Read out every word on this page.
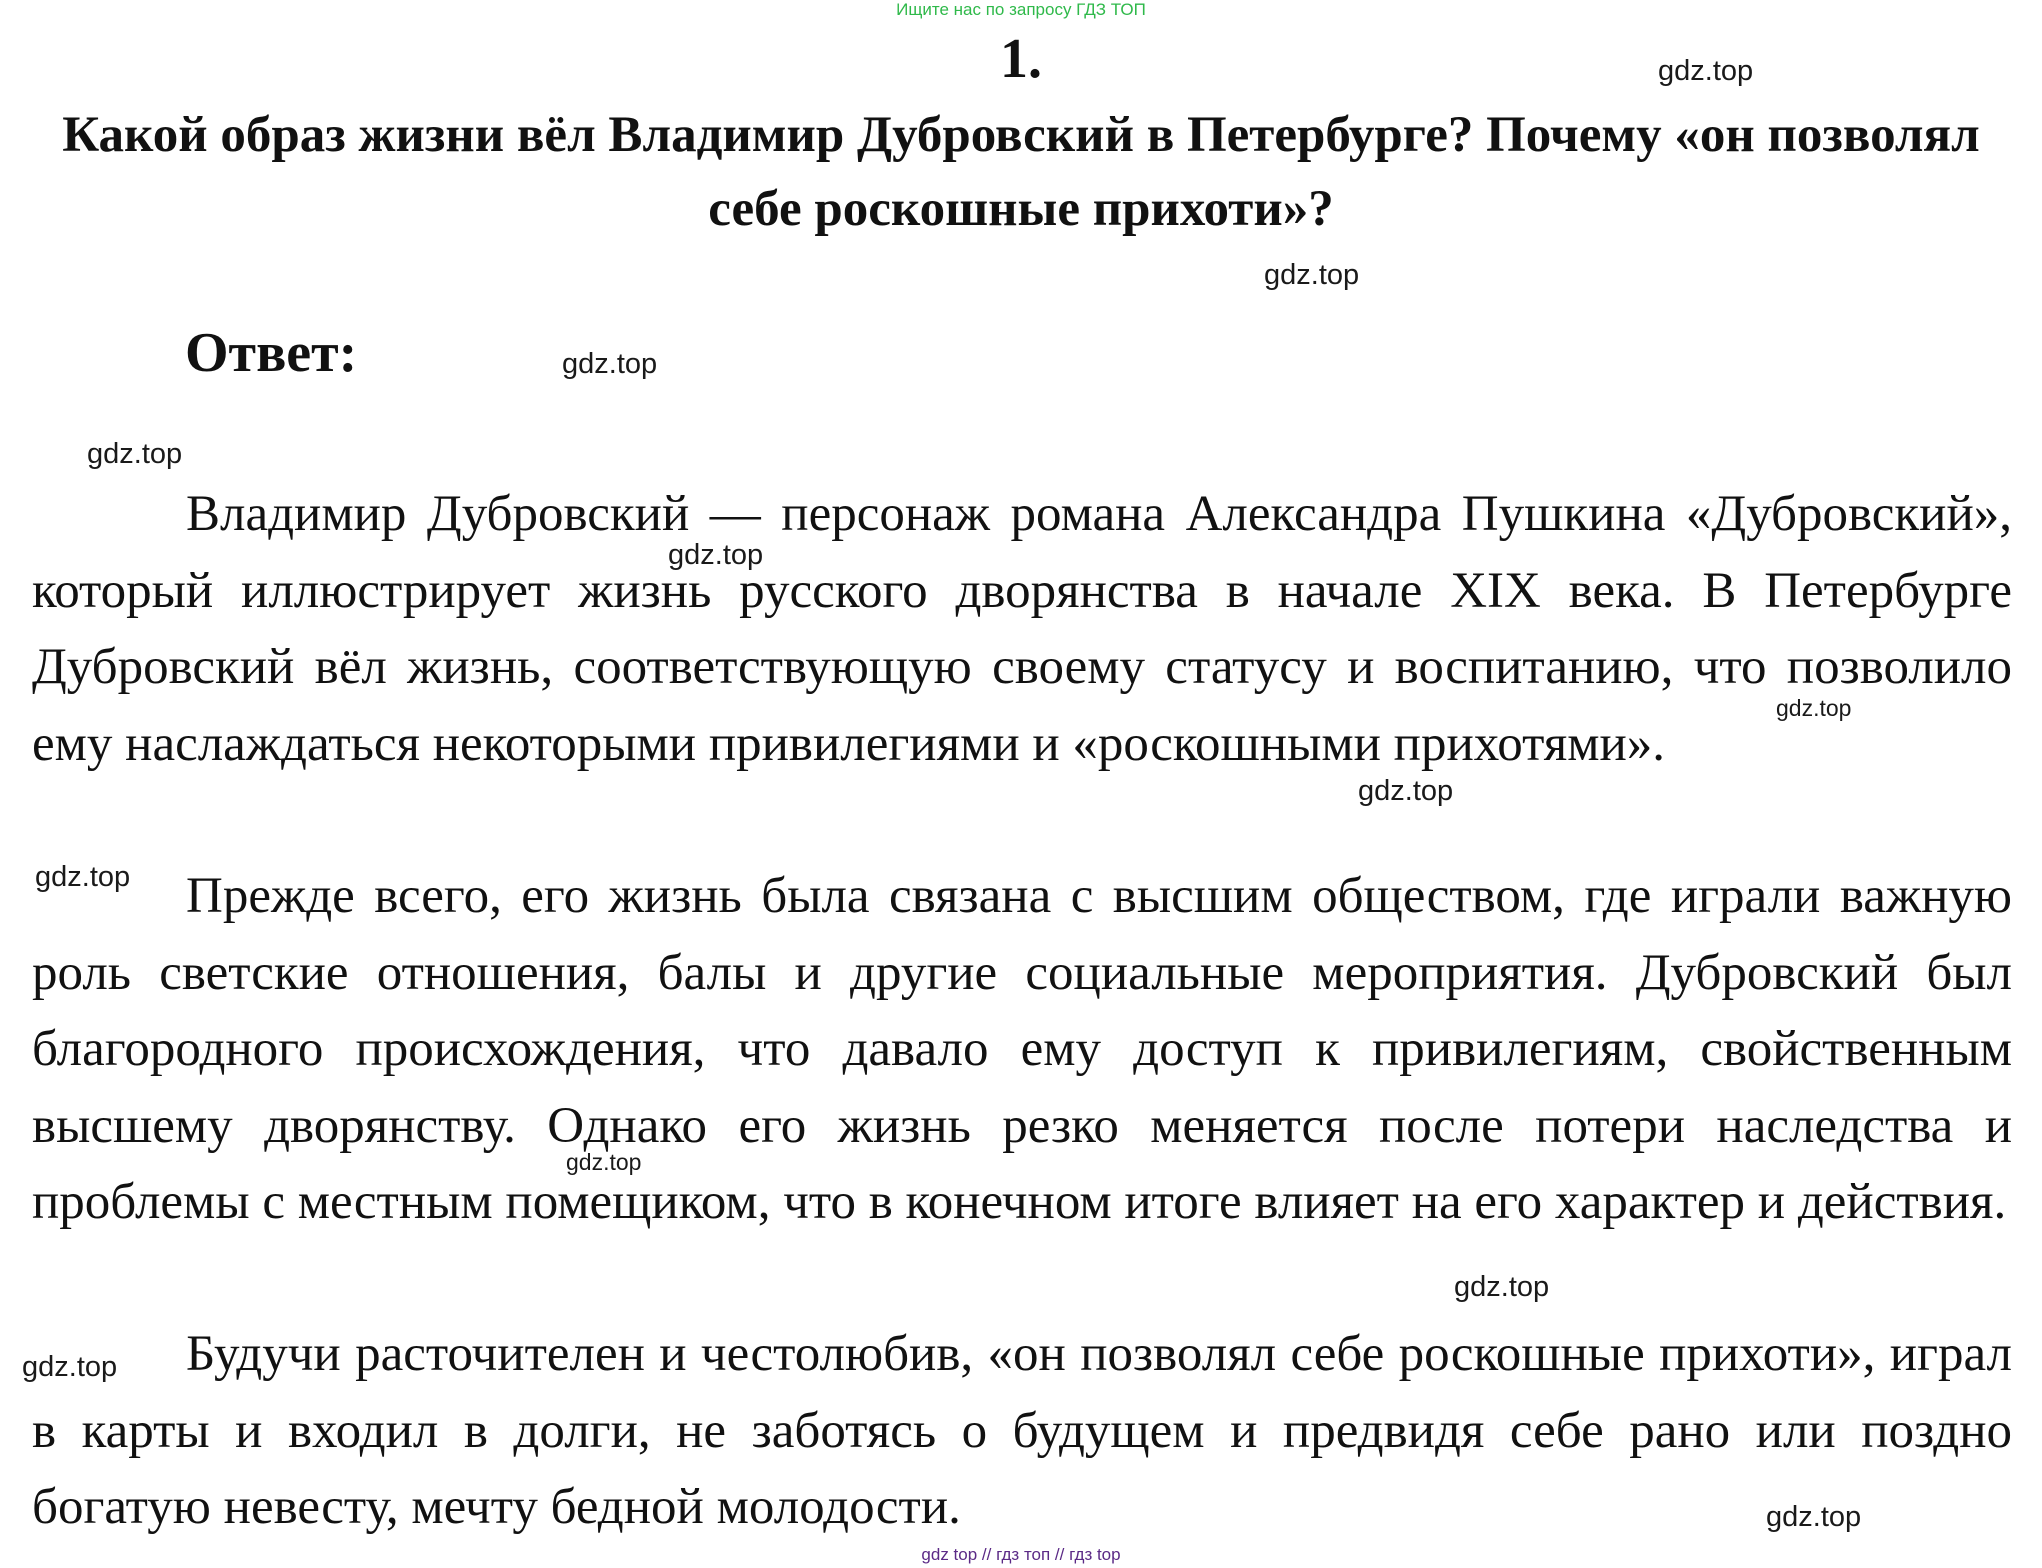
Ищите нас по запросу ГДЗ ТОП
1.
Какой образ жизни вёл Владимир Дубровский в Петербурге? Почему «он позволял себе роскошные прихоти»?
Ответ:

Владимир Дубровский — персонаж романа Александра Пушкина «Дубровский», который иллюстрирует жизнь русского дворянства в начале XIX века. В Петербурге Дубровский вёл жизнь, соответствующую своему статусу и воспитанию, что позволило ему наслаждаться некоторыми привилегиями и «роскошными прихотями».

Прежде всего, его жизнь была связана с высшим обществом, где играли важную роль светские отношения, балы и другие социальные мероприятия. Дубровский был благородного происхождения, что давало ему доступ к привилегиям, свойственным высшему дворянству. Однако его жизнь резко меняется после потери наследства и проблемы с местным помещиком, что в конечном итоге влияет на его характер и действия.

Будучи расточителен и честолюбив, «он позволял себе роскошные прихоти», играл в карты и входил в долги, не заботясь о будущем и предвидя себе рано или поздно богатую невесту, мечту бедной молодости.

gdz.top
gdz.top
gdz.top
gdz.top
gdz.top
gdz.top
gdz.top
gdz.top
gdz.top
gdz.top
gdz.top
gdz.top
gdz top // гдз топ // гдз top
